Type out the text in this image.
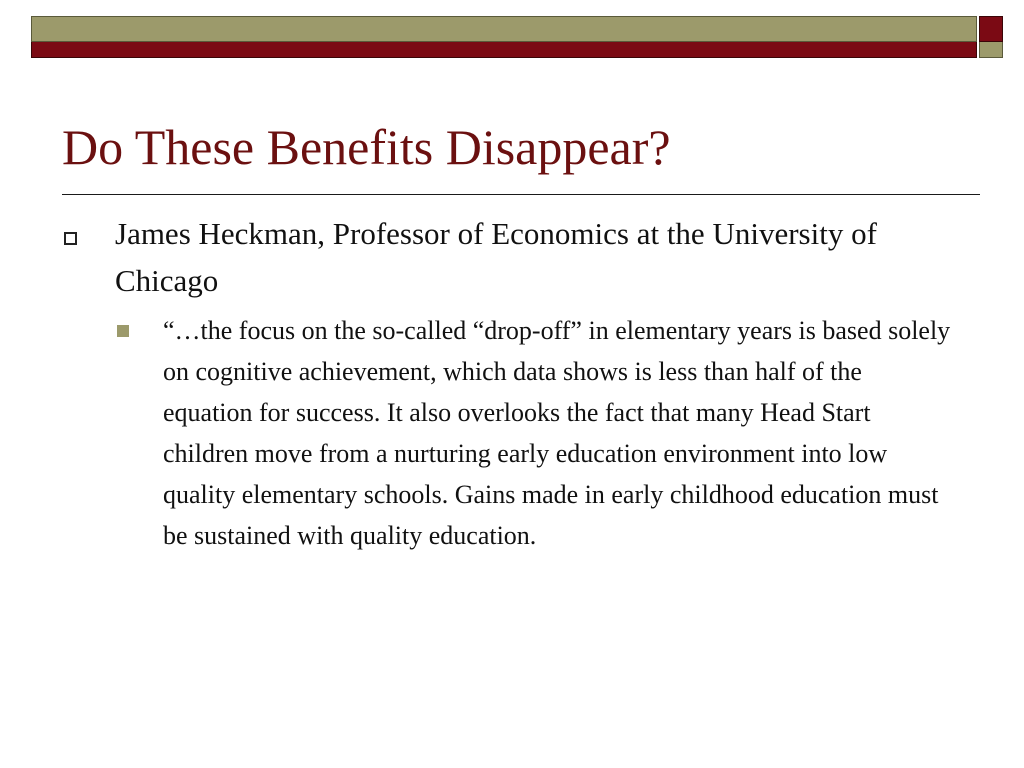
Do These Benefits Disappear?
James Heckman, Professor of Economics at the University of Chicago
“…the focus on the so-called “drop-off” in elementary years is based solely on cognitive achievement, which data shows is less than half of the equation for success. It also overlooks the fact that many Head Start children move from a nurturing early education environment into low quality elementary schools. Gains made in early childhood education must be sustained with quality education.
